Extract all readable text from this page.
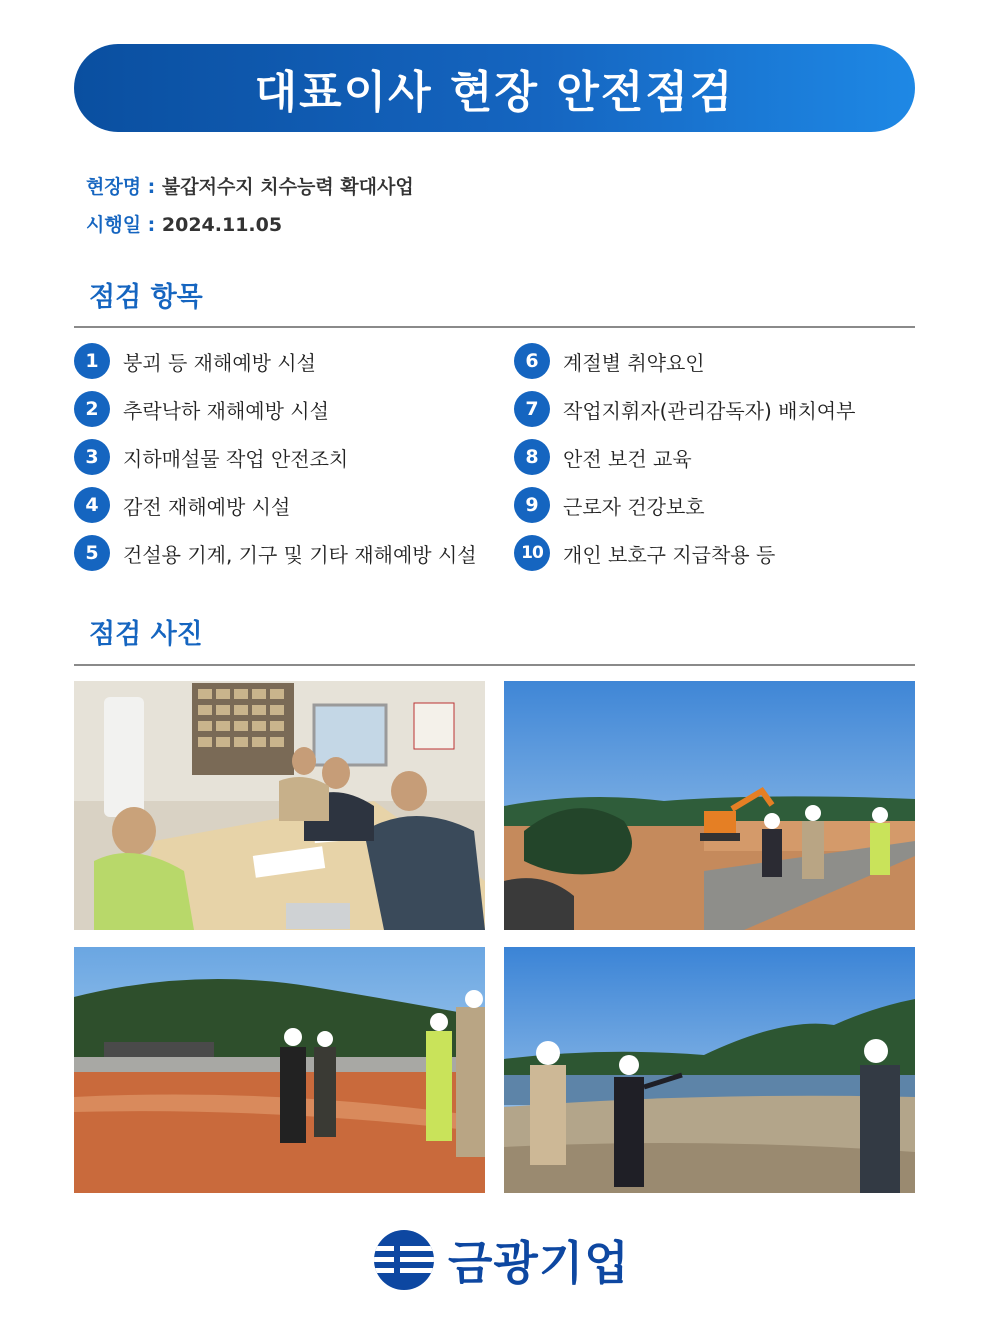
대표이사 현장 안전점검
현장명 : 불갑저수지 치수능력 확대사업
시행일 : 2024.11.05
점검 항목
1	붕괴 등 재해예방 시설
2	추락낙하 재해예방 시설
3	지하매설물 작업 안전조치
4	감전 재해예방 시설
5	건설용 기계, 기구 및 기타 재해예방 시설
6	계절별 취약요인
7	작업지휘자(관리감독자) 배치여부
8	안전 보건 교육
9	근로자 건강보호
10	개인 보호구 지급착용 등
점검 사진
금광기업
